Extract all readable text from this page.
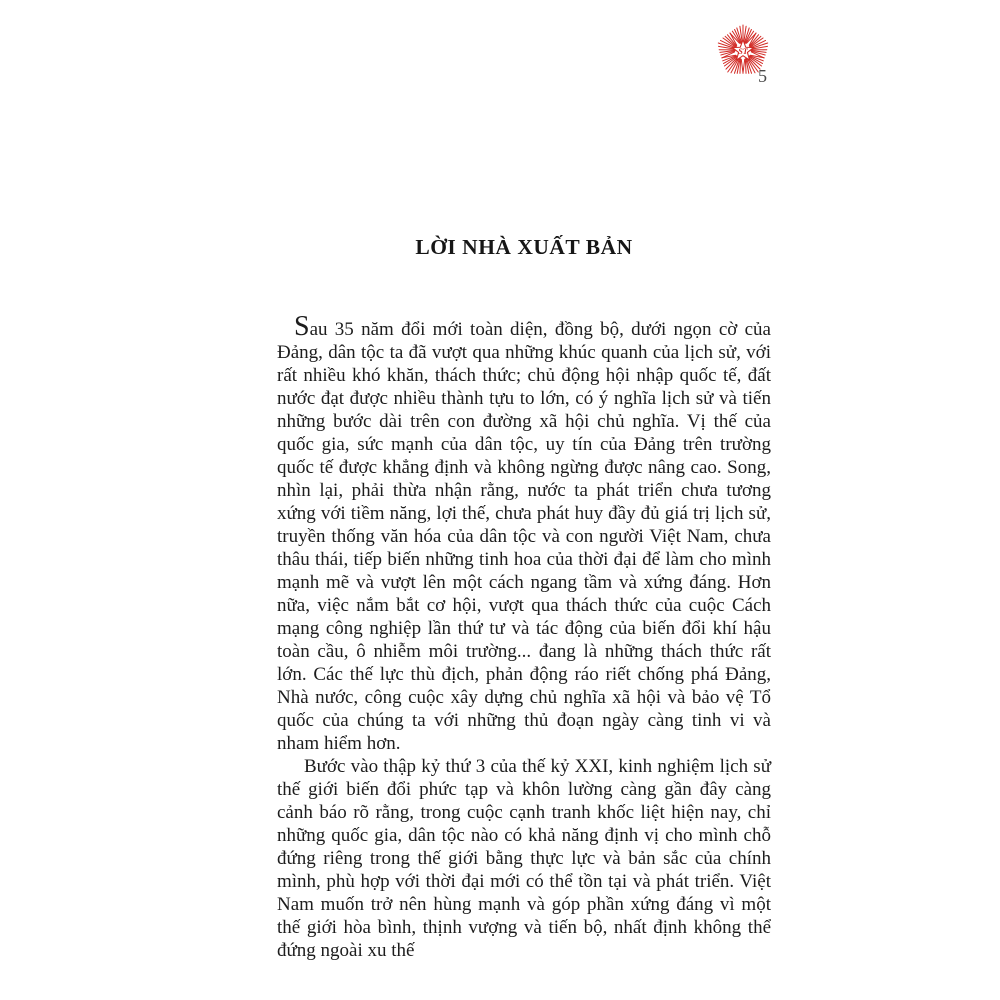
ST
5
LỜI NHÀ XUẤT BẢN

Sau 35 năm đổi mới toàn diện, đồng bộ, dưới ngọn cờ của Đảng, dân tộc ta đã vượt qua những khúc quanh của lịch sử, với rất nhiều khó khăn, thách thức; chủ động hội nhập quốc tế, đất nước đạt được nhiều thành tựu to lớn, có ý nghĩa lịch sử và tiến những bước dài trên con đường xã hội chủ nghĩa. Vị thế của quốc gia, sức mạnh của dân tộc, uy tín của Đảng trên trường quốc tế được khẳng định và không ngừng được nâng cao. Song, nhìn lại, phải thừa nhận rằng, nước ta phát triển chưa tương xứng với tiềm năng, lợi thế, chưa phát huy đầy đủ giá trị lịch sử, truyền thống văn hóa của dân tộc và con người Việt Nam, chưa thâu thái, tiếp biến những tinh hoa của thời đại để làm cho mình mạnh mẽ và vượt lên một cách ngang tầm và xứng đáng. Hơn nữa, việc nắm bắt cơ hội, vượt qua thách thức của cuộc Cách mạng công nghiệp lần thứ tư và tác động của biến đổi khí hậu toàn cầu, ô nhiễm môi trường... đang là những thách thức rất lớn. Các thế lực thù địch, phản động ráo riết chống phá Đảng, Nhà nước, công cuộc xây dựng chủ nghĩa xã hội và bảo vệ Tổ quốc của chúng ta với những thủ đoạn ngày càng tinh vi và nham hiểm hơn.

Bước vào thập kỷ thứ 3 của thế kỷ XXI, kinh nghiệm lịch sử thế giới biến đổi phức tạp và khôn lường càng gần đây càng cảnh báo rõ rằng, trong cuộc cạnh tranh khốc liệt hiện nay, chỉ những quốc gia, dân tộc nào có khả năng định vị cho mình chỗ đứng riêng trong thế giới bằng thực lực và bản sắc của chính mình, phù hợp với thời đại mới có thể tồn tại và phát triển. Việt Nam muốn trở nên hùng mạnh và góp phần xứng đáng vì một thế giới hòa bình, thịnh vượng và tiến bộ, nhất định không thể đứng ngoài xu thế
